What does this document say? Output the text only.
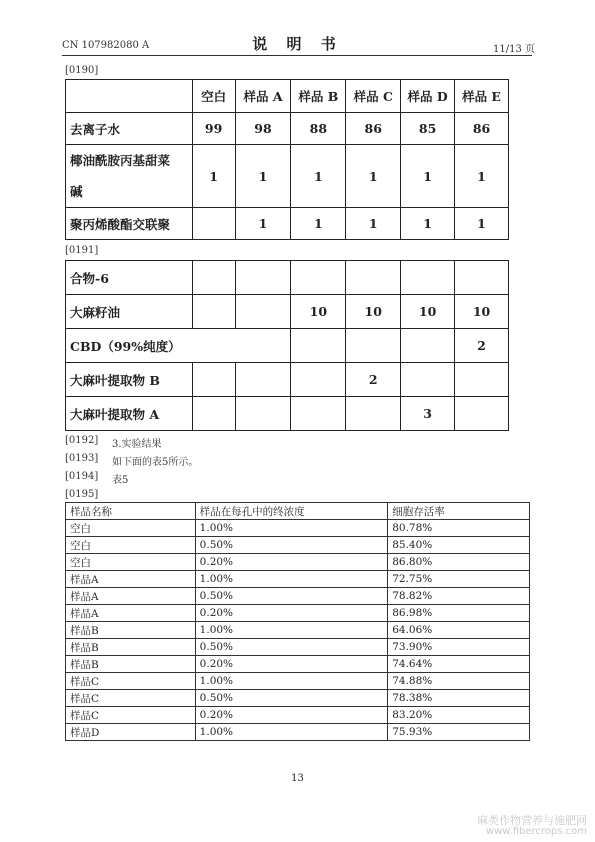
CN 107982080 A	说 明 书	11/13 页
[0190]
	空白	样品 A	样品 B	样品 C	样品 D	样品 E
去离子水	99	98	88	86	85	86

椰油酰胺丙基甜菜
碱	1	1	1	1	1	1
聚丙烯酸酯交联聚		1	1	1	1	1
[0191]
合物-6						
大麻籽油			10	10	10	10
CBD（99%纯度）						2
大麻叶提取物 B				2		
大麻叶提取物 A					3	
[0192] 3.实验结果
[0193] 如下面的表5所示。
[0194] 表5
[0195]
样品名称	样品在每孔中的终浓度	细胞存活率
空白	1.00%	80.78%
空白	0.50%	85.40%
空白	0.20%	86.80%
样品A	1.00%	72.75%
样品A	0.50%	78.82%
样品A	0.20%	86.98%
样品B	1.00%	64.06%
样品B	0.50%	73.90%
样品B	0.20%	74.64%
样品C	1.00%	74.88%
样品C	0.50%	78.38%
样品C	0.20%	83.20%
样品D	1.00%	75.93%
13
麻类作物营养与施肥网
www.fibercrops.com
